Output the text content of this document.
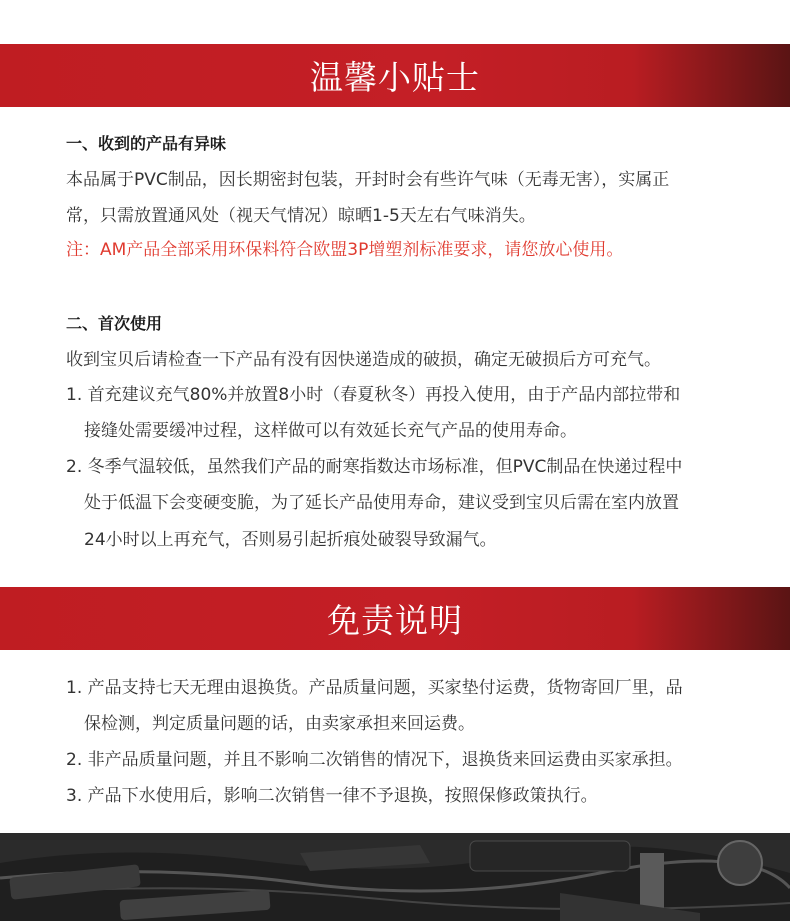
温馨小贴士
一、收到的产品有异味
本品属于PVC制品，因长期密封包装，开封时会有些许气味（无毒无害），实属正
常，只需放置通风处（视天气情况）晾晒1-5天左右气味消失。
注：AM产品全部采用环保料符合欧盟3P增塑剂标准要求，请您放心使用。
二、首次使用
收到宝贝后请检查一下产品有没有因快递造成的破损，确定无破损后方可充气。
1. 首充建议充气80%并放置8小时（春夏秋冬）再投入使用，由于产品内部拉带和
接缝处需要缓冲过程，这样做可以有效延长充气产品的使用寿命。
2. 冬季气温较低，虽然我们产品的耐寒指数达市场标准，但PVC制品在快递过程中
处于低温下会变硬变脆，为了延长产品使用寿命，建议受到宝贝后需在室内放置
24小时以上再充气，否则易引起折痕处破裂导致漏气。
免责说明
1. 产品支持七天无理由退换货。产品质量问题，买家垫付运费，货物寄回厂里，品
保检测，判定质量问题的话，由卖家承担来回运费。
2. 非产品质量问题，并且不影响二次销售的情况下，退换货来回运费由买家承担。
3. 产品下水使用后，影响二次销售一律不予退换，按照保修政策执行。
